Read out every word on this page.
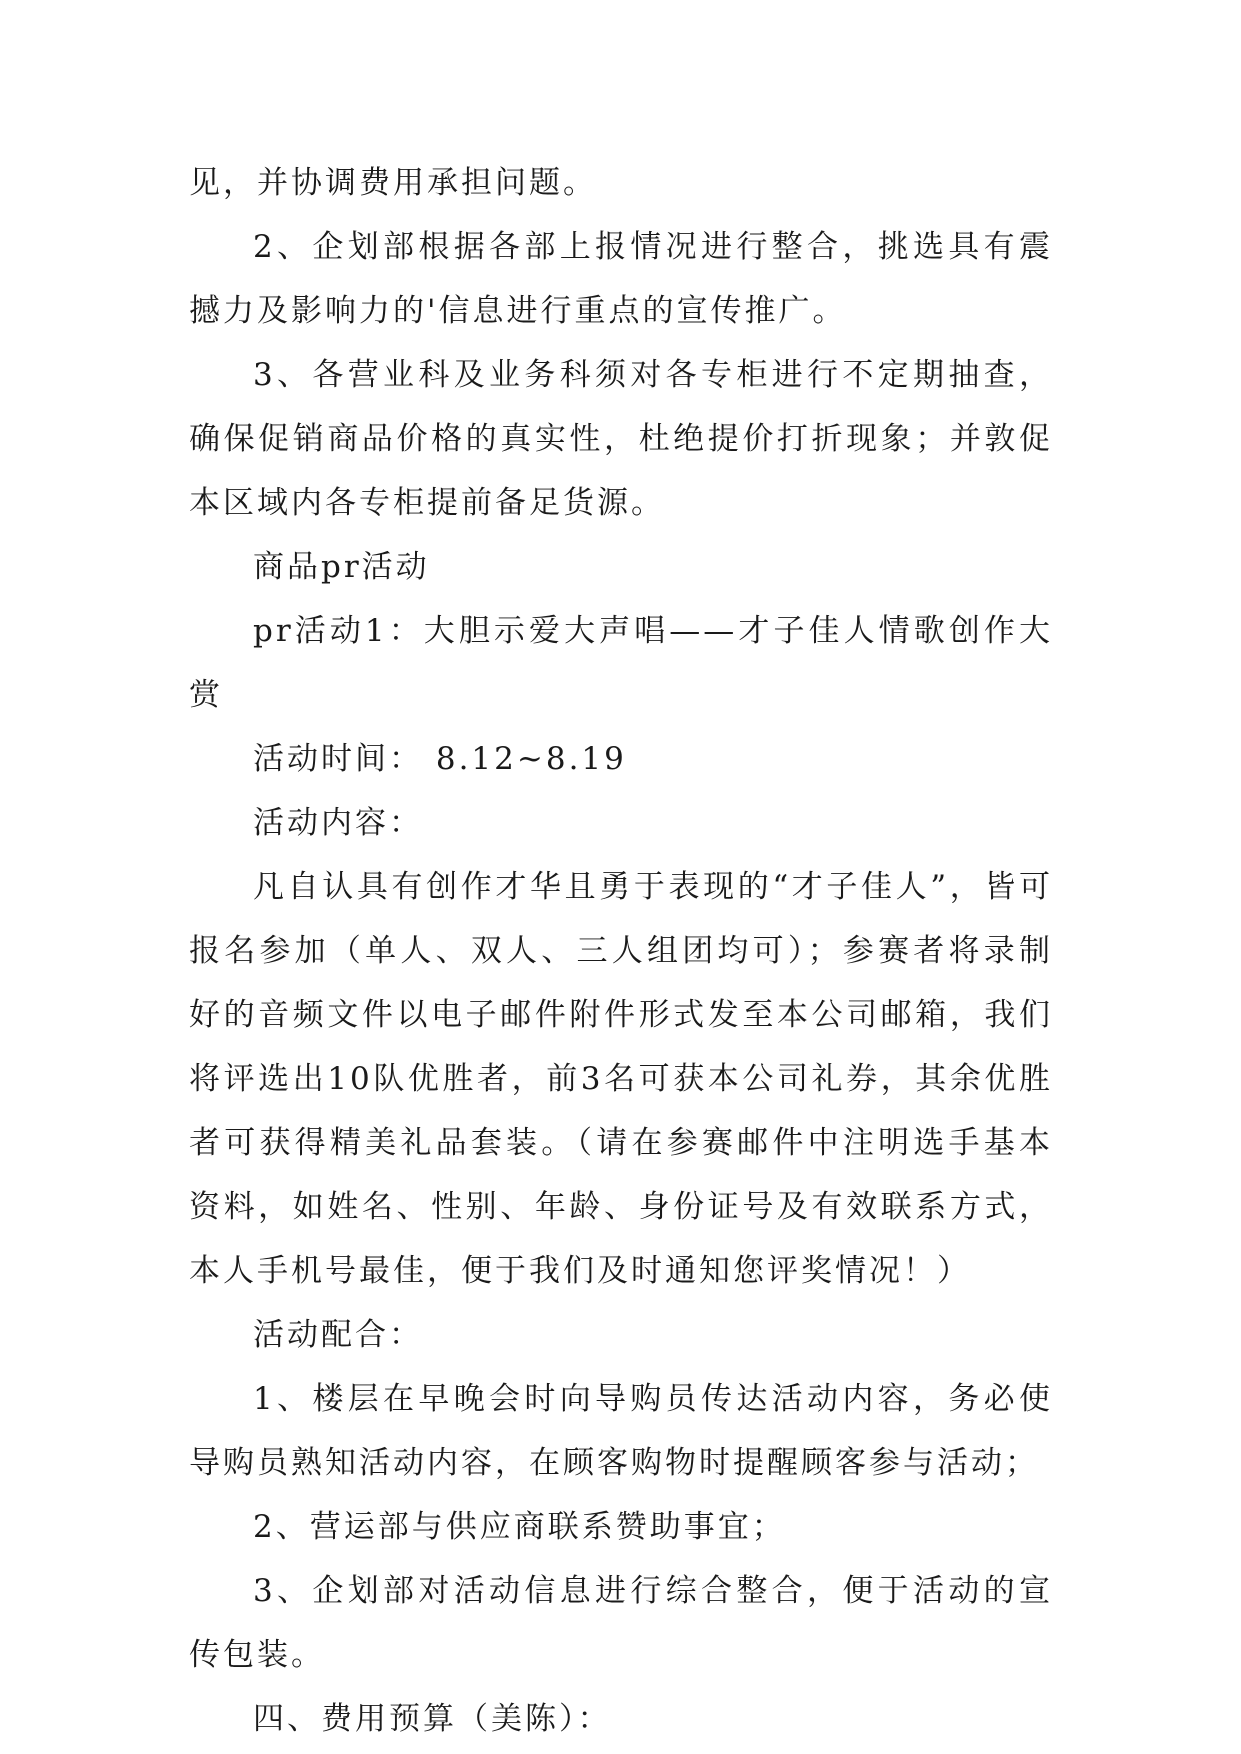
见，并协调费用承担问题。

2、企划部根据各部上报情况进行整合，挑选具有震撼力及影响力的'信息进行重点的宣传推广。

3、各营业科及业务科须对各专柜进行不定期抽查，确保促销商品价格的真实性，杜绝提价打折现象；并敦促本区域内各专柜提前备足货源。

商品pr活动

pr活动1：大胆示爱大声唱——才子佳人情歌创作大赏

活动时间： 8.12~8.19

活动内容：

凡自认具有创作才华且勇于表现的“才子佳人”，皆可报名参加（单人、双人、三人组团均可）；参赛者将录制好的音频文件以电子邮件附件形式发至本公司邮箱，我们将评选出10队优胜者，前3名可获本公司礼券，其余优胜者可获得精美礼品套装。（请在参赛邮件中注明选手基本资料，如姓名、性别、年龄、身份证号及有效联系方式，本人手机号最佳，便于我们及时通知您评奖情况！）

活动配合：

1、楼层在早晚会时向导购员传达活动内容，务必使导购员熟知活动内容，在顾客购物时提醒顾客参与活动；

2、营运部与供应商联系赞助事宜；

3、企划部对活动信息进行综合整合，便于活动的宣传包装。

四、费用预算（美陈）：
